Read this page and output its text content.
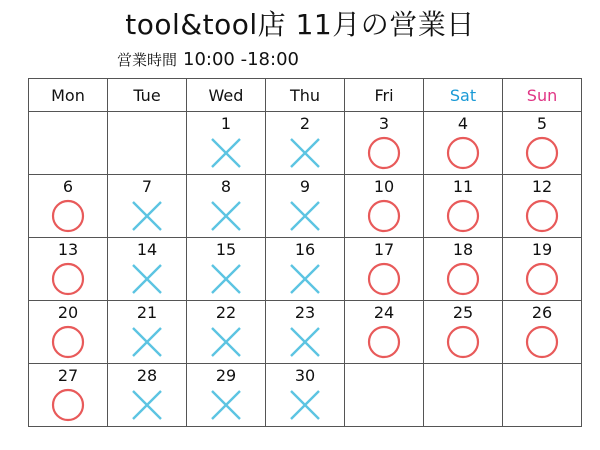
tool&tool店 11月の営業日
営業時間 10:00 -18:00
Mon	Tue	Wed	Thu	Fri	Sat	Sun

		1	2	3	4	5

6	7	8	9	10	11	12

13	14	15	16	17	18	19

20	21	22	23	24	25	26

27	28	29	30			
